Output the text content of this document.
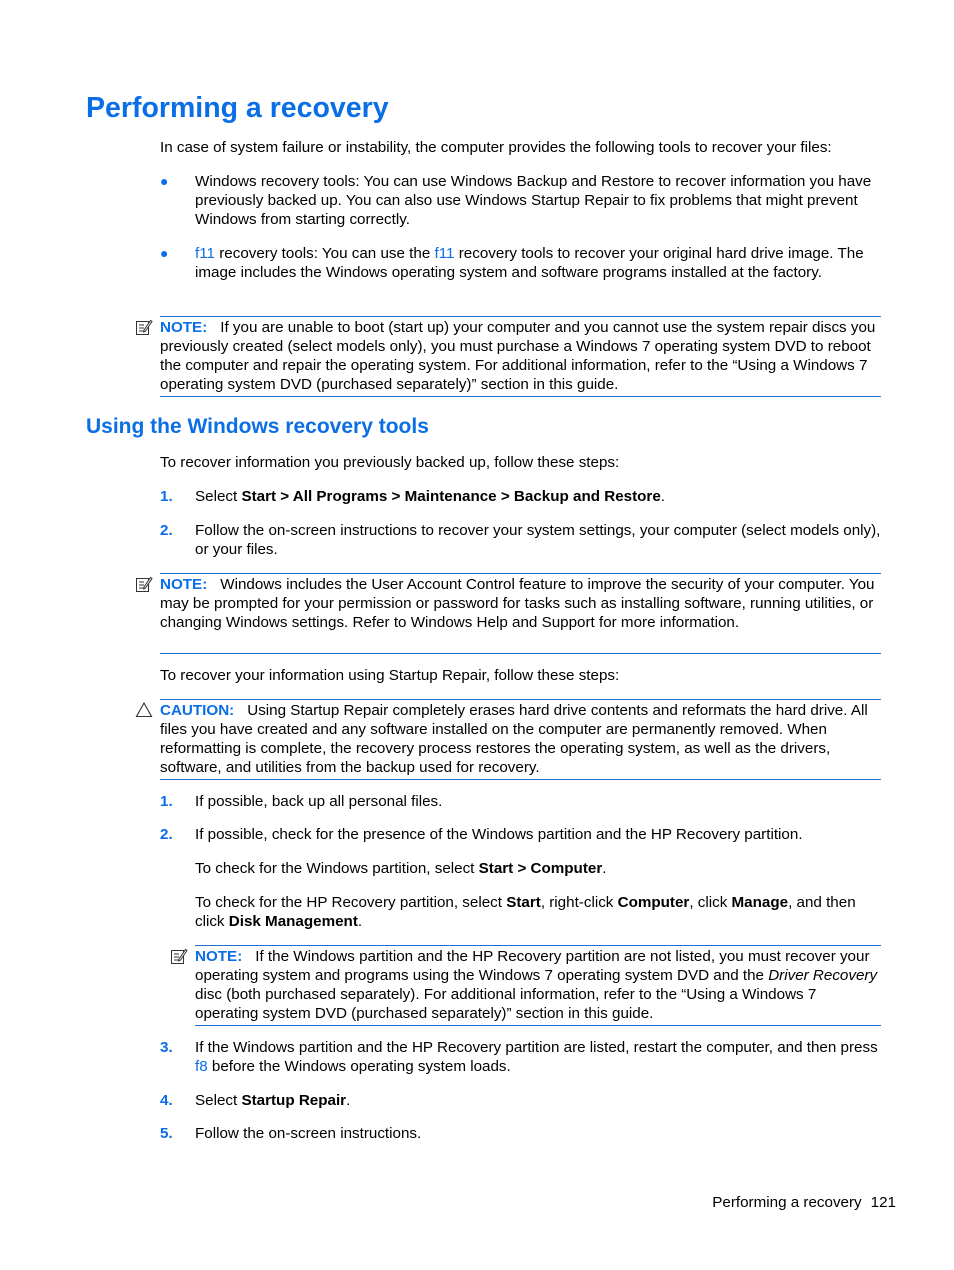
Performing a recovery

In case of system failure or instability, the computer provides the following tools to recover your files:

● Windows recovery tools: You can use Windows Backup and Restore to recover information you have previously backed up. You can also use Windows Startup Repair to fix problems that might prevent Windows from starting correctly.

● f11 recovery tools: You can use the f11 recovery tools to recover your original hard drive image. The image includes the Windows operating system and software programs installed at the factory.

NOTE: If you are unable to boot (start up) your computer and you cannot use the system repair discs you previously created (select models only), you must purchase a Windows 7 operating system DVD to reboot the computer and repair the operating system. For additional information, refer to the “Using a Windows 7 operating system DVD (purchased separately)” section in this guide.

Using the Windows recovery tools

To recover information you previously backed up, follow these steps:

1. Select Start > All Programs > Maintenance > Backup and Restore.

2. Follow the on-screen instructions to recover your system settings, your computer (select models only), or your files.

NOTE: Windows includes the User Account Control feature to improve the security of your computer. You may be prompted for your permission or password for tasks such as installing software, running utilities, or changing Windows settings. Refer to Windows Help and Support for more information.

To recover your information using Startup Repair, follow these steps:

CAUTION: Using Startup Repair completely erases hard drive contents and reformats the hard drive. All files you have created and any software installed on the computer are permanently removed. When reformatting is complete, the recovery process restores the operating system, as well as the drivers, software, and utilities from the backup used for recovery.

1. If possible, back up all personal files.

2. If possible, check for the presence of the Windows partition and the HP Recovery partition.

To check for the Windows partition, select Start > Computer.

To check for the HP Recovery partition, select Start, right-click Computer, click Manage, and then click Disk Management.

NOTE: If the Windows partition and the HP Recovery partition are not listed, you must recover your operating system and programs using the Windows 7 operating system DVD and the Driver Recovery disc (both purchased separately). For additional information, refer to the “Using a Windows 7 operating system DVD (purchased separately)” section in this guide.

3. If the Windows partition and the HP Recovery partition are listed, restart the computer, and then press f8 before the Windows operating system loads.

4. Select Startup Repair.

5. Follow the on-screen instructions.

Performing a recovery 121
